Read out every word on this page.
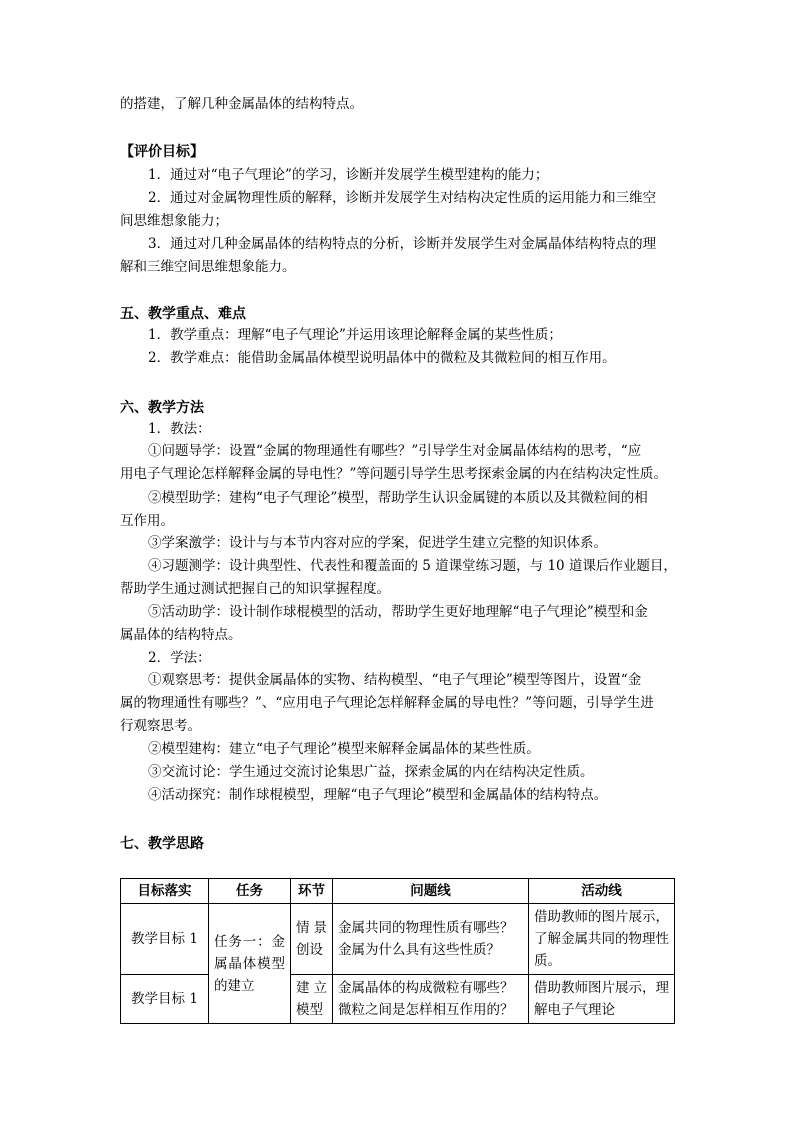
的搭建，了解几种金属晶体的结构特点。
【评价目标】
1．通过对“电子气理论”的学习，诊断并发展学生模型建构的能力；
2．通过对金属物理性质的解释，诊断并发展学生对结构决定性质的运用能力和三维空
间思维想象能力；
3．通过对几种金属晶体的结构特点的分析，诊断并发展学生对金属晶体结构特点的理
解和三维空间思维想象能力。
五、教学重点、难点
1．教学重点：理解“电子气理论”并运用该理论解释金属的某些性质；
2．教学难点：能借助金属晶体模型说明晶体中的微粒及其微粒间的相互作用。
六、教学方法
1．教法：
①问题导学：设置“金属的物理通性有哪些？”引导学生对金属晶体结构的思考，“应
用电子气理论怎样解释金属的导电性？”等问题引导学生思考探索金属的内在结构决定性质。
②模型助学：建构“电子气理论”模型，帮助学生认识金属键的本质以及其微粒间的相
互作用。
③学案激学：设计与与本节内容对应的学案，促进学生建立完整的知识体系。
④习题测学：设计典型性、代表性和覆盖面的 5 道课堂练习题，与 10 道课后作业题目，
帮助学生通过测试把握自己的知识掌握程度。
⑤活动助学：设计制作球棍模型的活动，帮助学生更好地理解“电子气理论”模型和金
属晶体的结构特点。
2．学法：
①观察思考：提供金属晶体的实物、结构模型、“电子气理论”模型等图片，设置“金
属的物理通性有哪些？”、“应用电子气理论怎样解释金属的导电性？”等问题，引导学生进
行观察思考。
②模型建构：建立“电子气理论”模型来解释金属晶体的某些性质。
③交流讨论：学生通过交流讨论集思广益，探索金属的内在结构决定性质。
④活动探究：制作球棍模型，理解“电子气理论”模型和金属晶体的结构特点。
七、教学思路
目标落实	任务	环节	问题线	活动线
教学目标 1	任务一：金属晶体模型的建立	情景创设	金属共同的物理性质有哪些？金属为什么具有这些性质？	借助教师的图片展示，了解金属共同的物理性质。
教学目标 1		建立模型	金属晶体的构成微粒有哪些？微粒之间是怎样相互作用的？	借助教师图片展示，理解电子气理论
